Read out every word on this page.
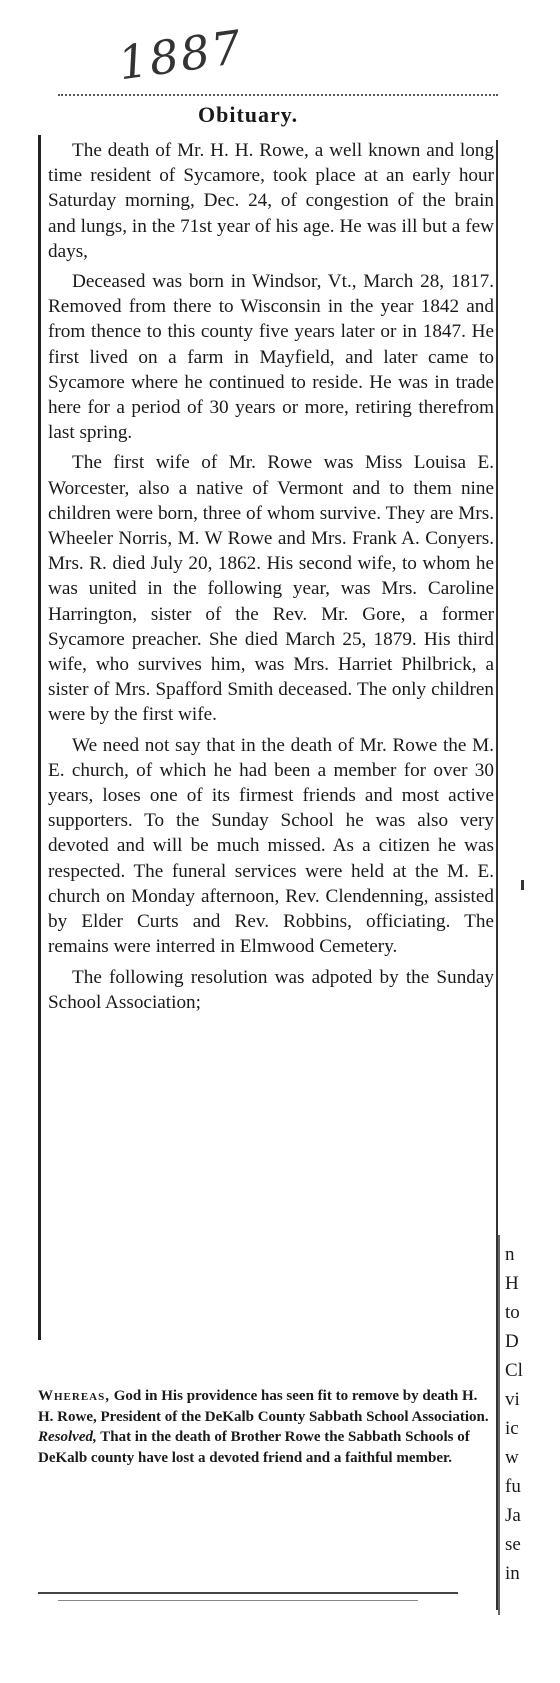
1887
Obituary.

The death of Mr. H. H. Rowe, a well known and long time resident of Sycamore, took place at an early hour Saturday morning, Dec. 24, of congestion of the brain and lungs, in the 71st year of his age. He was ill but a few days,

Deceased was born in Windsor, Vt., March 28, 1817. Removed from there to Wisconsin in the year 1842 and from thence to this county five years later or in 1847. He first lived on a farm in Mayfield, and later came to Sycamore where he continued to reside. He was in trade here for a period of 30 years or more, retiring therefrom last spring.

The first wife of Mr. Rowe was Miss Louisa E. Worcester, also a native of Vermont and to them nine children were born, three of whom survive. They are Mrs. Wheeler Norris, M. W Rowe and Mrs. Frank A. Conyers. Mrs. R. died July 20, 1862. His second wife, to whom he was united in the following year, was Mrs. Caroline Harrington, sister of the Rev. Mr. Gore, a former Sycamore preacher. She died March 25, 1879. His third wife, who survives him, was Mrs. Harriet Philbrick, a sister of Mrs. Spafford Smith deceased. The only children were by the first wife.

We need not say that in the death of Mr. Rowe the M. E. church, of which he had been a member for over 30 years, loses one of its firmest friends and most active supporters. To the Sunday School he was also very devoted and will be much missed. As a citizen he was respected. The funeral services were held at the M. E. church on Monday afternoon, Rev. Clendenning, assisted by Elder Curts and Rev. Robbins, officiating. The remains were interred in Elmwood Cemetery.

The following resolution was adpoted by the Sunday School Association;

Whereas, God in His providence has seen fit to remove by death H. H. Rowe, President of the DeKalb County Sabbath School Association.

Resolved, That in the death of Brother Rowe the Sabbath Schools of DeKalb county have lost a devoted friend and a faithful member.

n
H
to
D
Cl
vi
ic
w
fu
Ja
se
in
